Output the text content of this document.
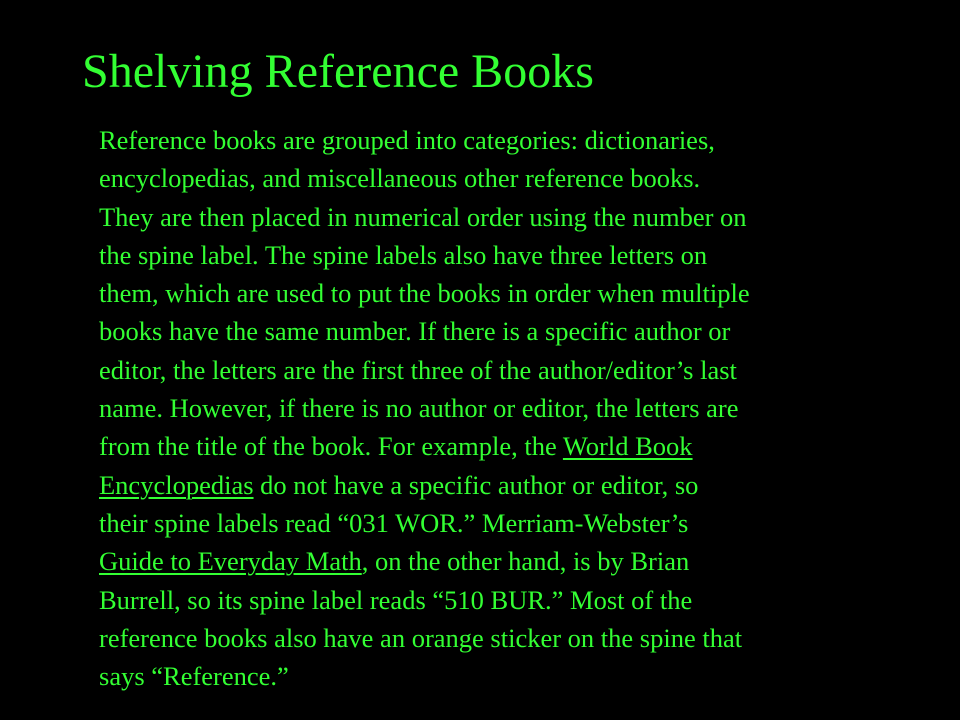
Shelving Reference Books
Reference books are grouped into categories: dictionaries,
encyclopedias, and miscellaneous other reference books.
They are then placed in numerical order using the number on
the spine label. The spine labels also have three letters on
them, which are used to put the books in order when multiple
books have the same number. If there is a specific author or
editor, the letters are the first three of the author/editor’s last
name. However, if there is no author or editor, the letters are
from the title of the book. For example, the World Book
Encyclopedias do not have a specific author or editor, so
their spine labels read “031 WOR.” Merriam-Webster’s
Guide to Everyday Math, on the other hand, is by Brian
Burrell, so its spine label reads “510 BUR.” Most of the
reference books also have an orange sticker on the spine that
says “Reference.”
